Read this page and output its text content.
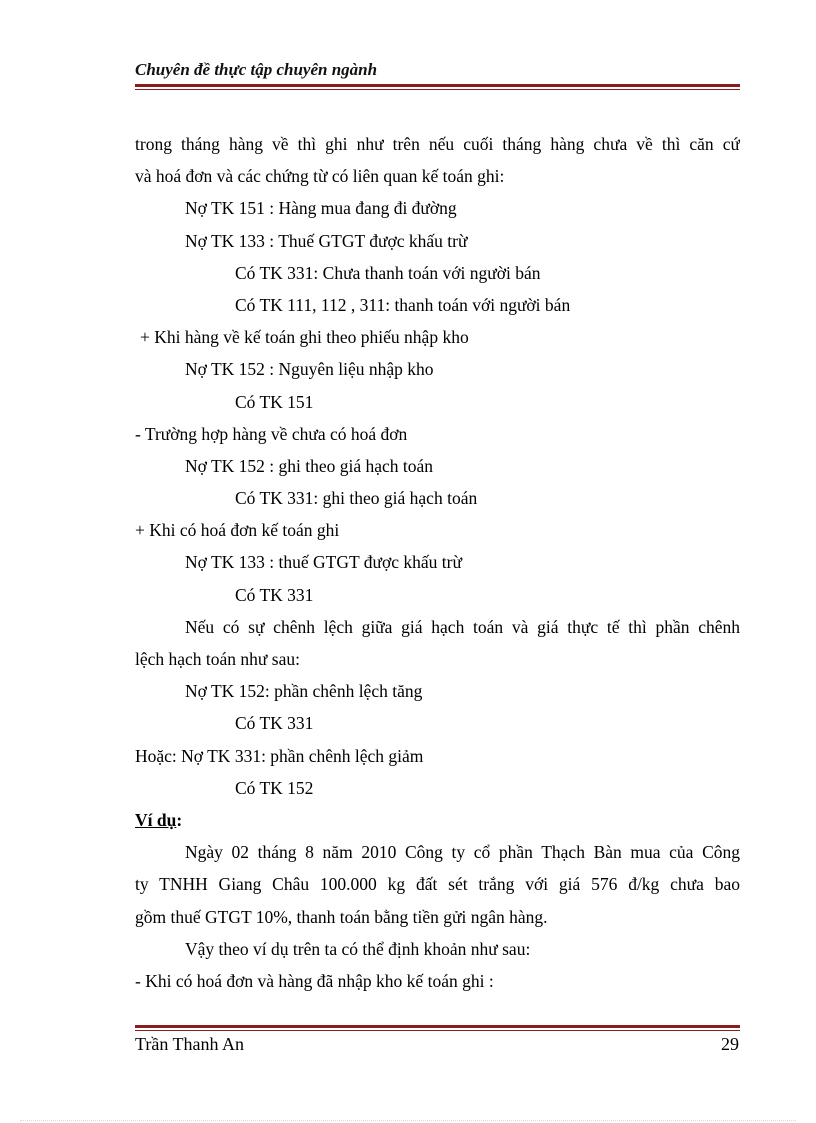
Chuyên đề thực tập chuyên ngành
trong tháng hàng về thì ghi như trên nếu cuối tháng hàng chưa về thì căn cứ
và hoá đơn và các chứng từ có liên quan kế toán ghi:
Nợ TK 151 : Hàng mua đang đi đường
Nợ TK 133 : Thuế GTGT được khấu trừ
Có TK 331: Chưa thanh toán với người bán
Có TK 111, 112 , 311: thanh toán với người bán
+ Khi hàng về kế toán ghi theo phiếu nhập kho
Nợ TK 152 : Nguyên liệu nhập kho
Có TK 151
- Trường hợp hàng về chưa có hoá đơn
Nợ TK 152 : ghi theo giá hạch toán
Có TK 331: ghi theo giá hạch toán
+ Khi có hoá đơn kế toán ghi
Nợ TK 133 : thuế GTGT được khấu trừ
Có TK 331
Nếu có sự chênh lệch giữa giá hạch toán và giá thực tế thì phần chênh
lệch hạch toán như sau:
Nợ TK 152: phần chênh lệch tăng
Có TK 331
Hoặc: Nợ TK 331: phần chênh lệch giảm
Có TK 152
Ví dụ:
Ngày 02 tháng 8 năm 2010 Công ty cổ phần Thạch Bàn mua của Công
ty TNHH Giang Châu 100.000 kg đất sét trắng với giá 576 đ/kg chưa bao
gồm thuế GTGT 10%, thanh toán bằng tiền gửi ngân hàng.
Vậy theo ví dụ trên ta có thể định khoản như sau:
- Khi có hoá đơn và hàng đã nhập kho kế toán ghi :
Trần Thanh An	29
